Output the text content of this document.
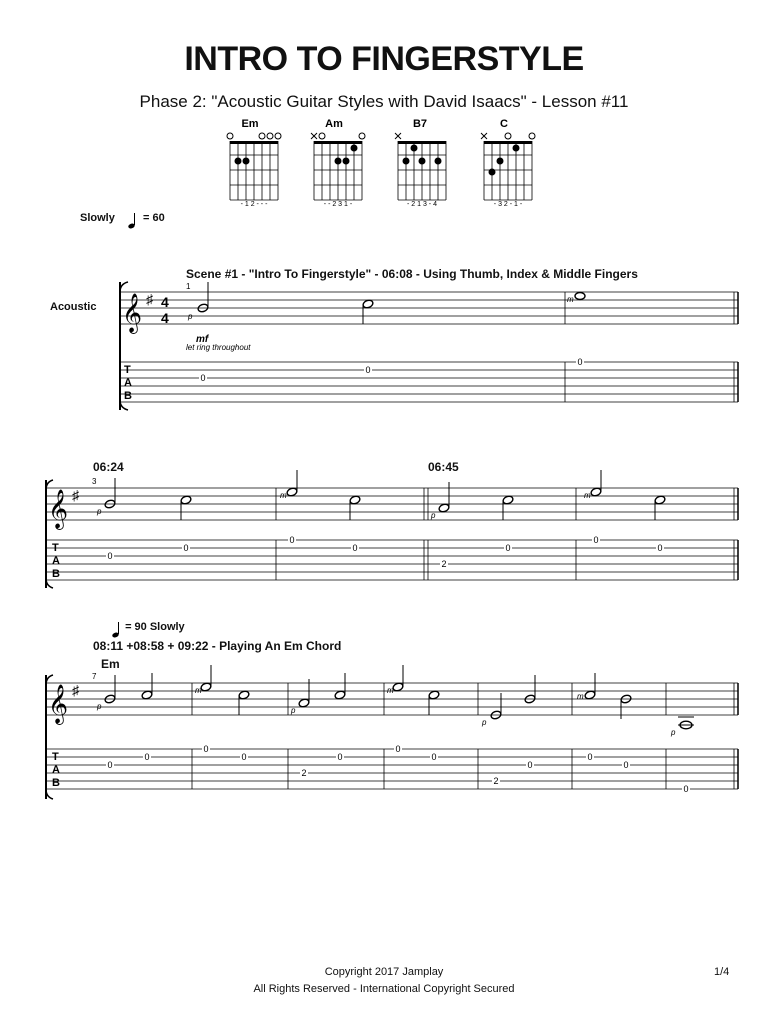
INTRO TO FINGERSTYLE
Phase 2: "Acoustic Guitar Styles with David Isaacs" - Lesson #11
Em
- 1 2 - - -
Am
- - 2 3 1 -
B7
- 2 1 3 - 4
C
- 3 2 - 1 -
Slowly	= 60
Scene #1 - "Intro To Fingerstyle" - 06:08 - Using Thumb, Index & Middle Fingers
Acoustic 𝄞 ♯ 4
4
1
T
A
B
p
m
mf
let ring throughout
0
0
0
06:24	06:45
𝄞 ♯
3
T
A
B
p
m
p
m
0
0
0
0
2
0
0
0
= 90 Slowly
08:11 +08:58 + 09:22 - Playing An Em Chord
Em
𝄞 ♯
7
T
A
B
p
m
p
m
p
m
p
0
0
0
0
2
0
0
0
2
0
0
0
0
Copyright 2017 Jamplay
All Rights Reserved - International Copyright Secured
1/4
